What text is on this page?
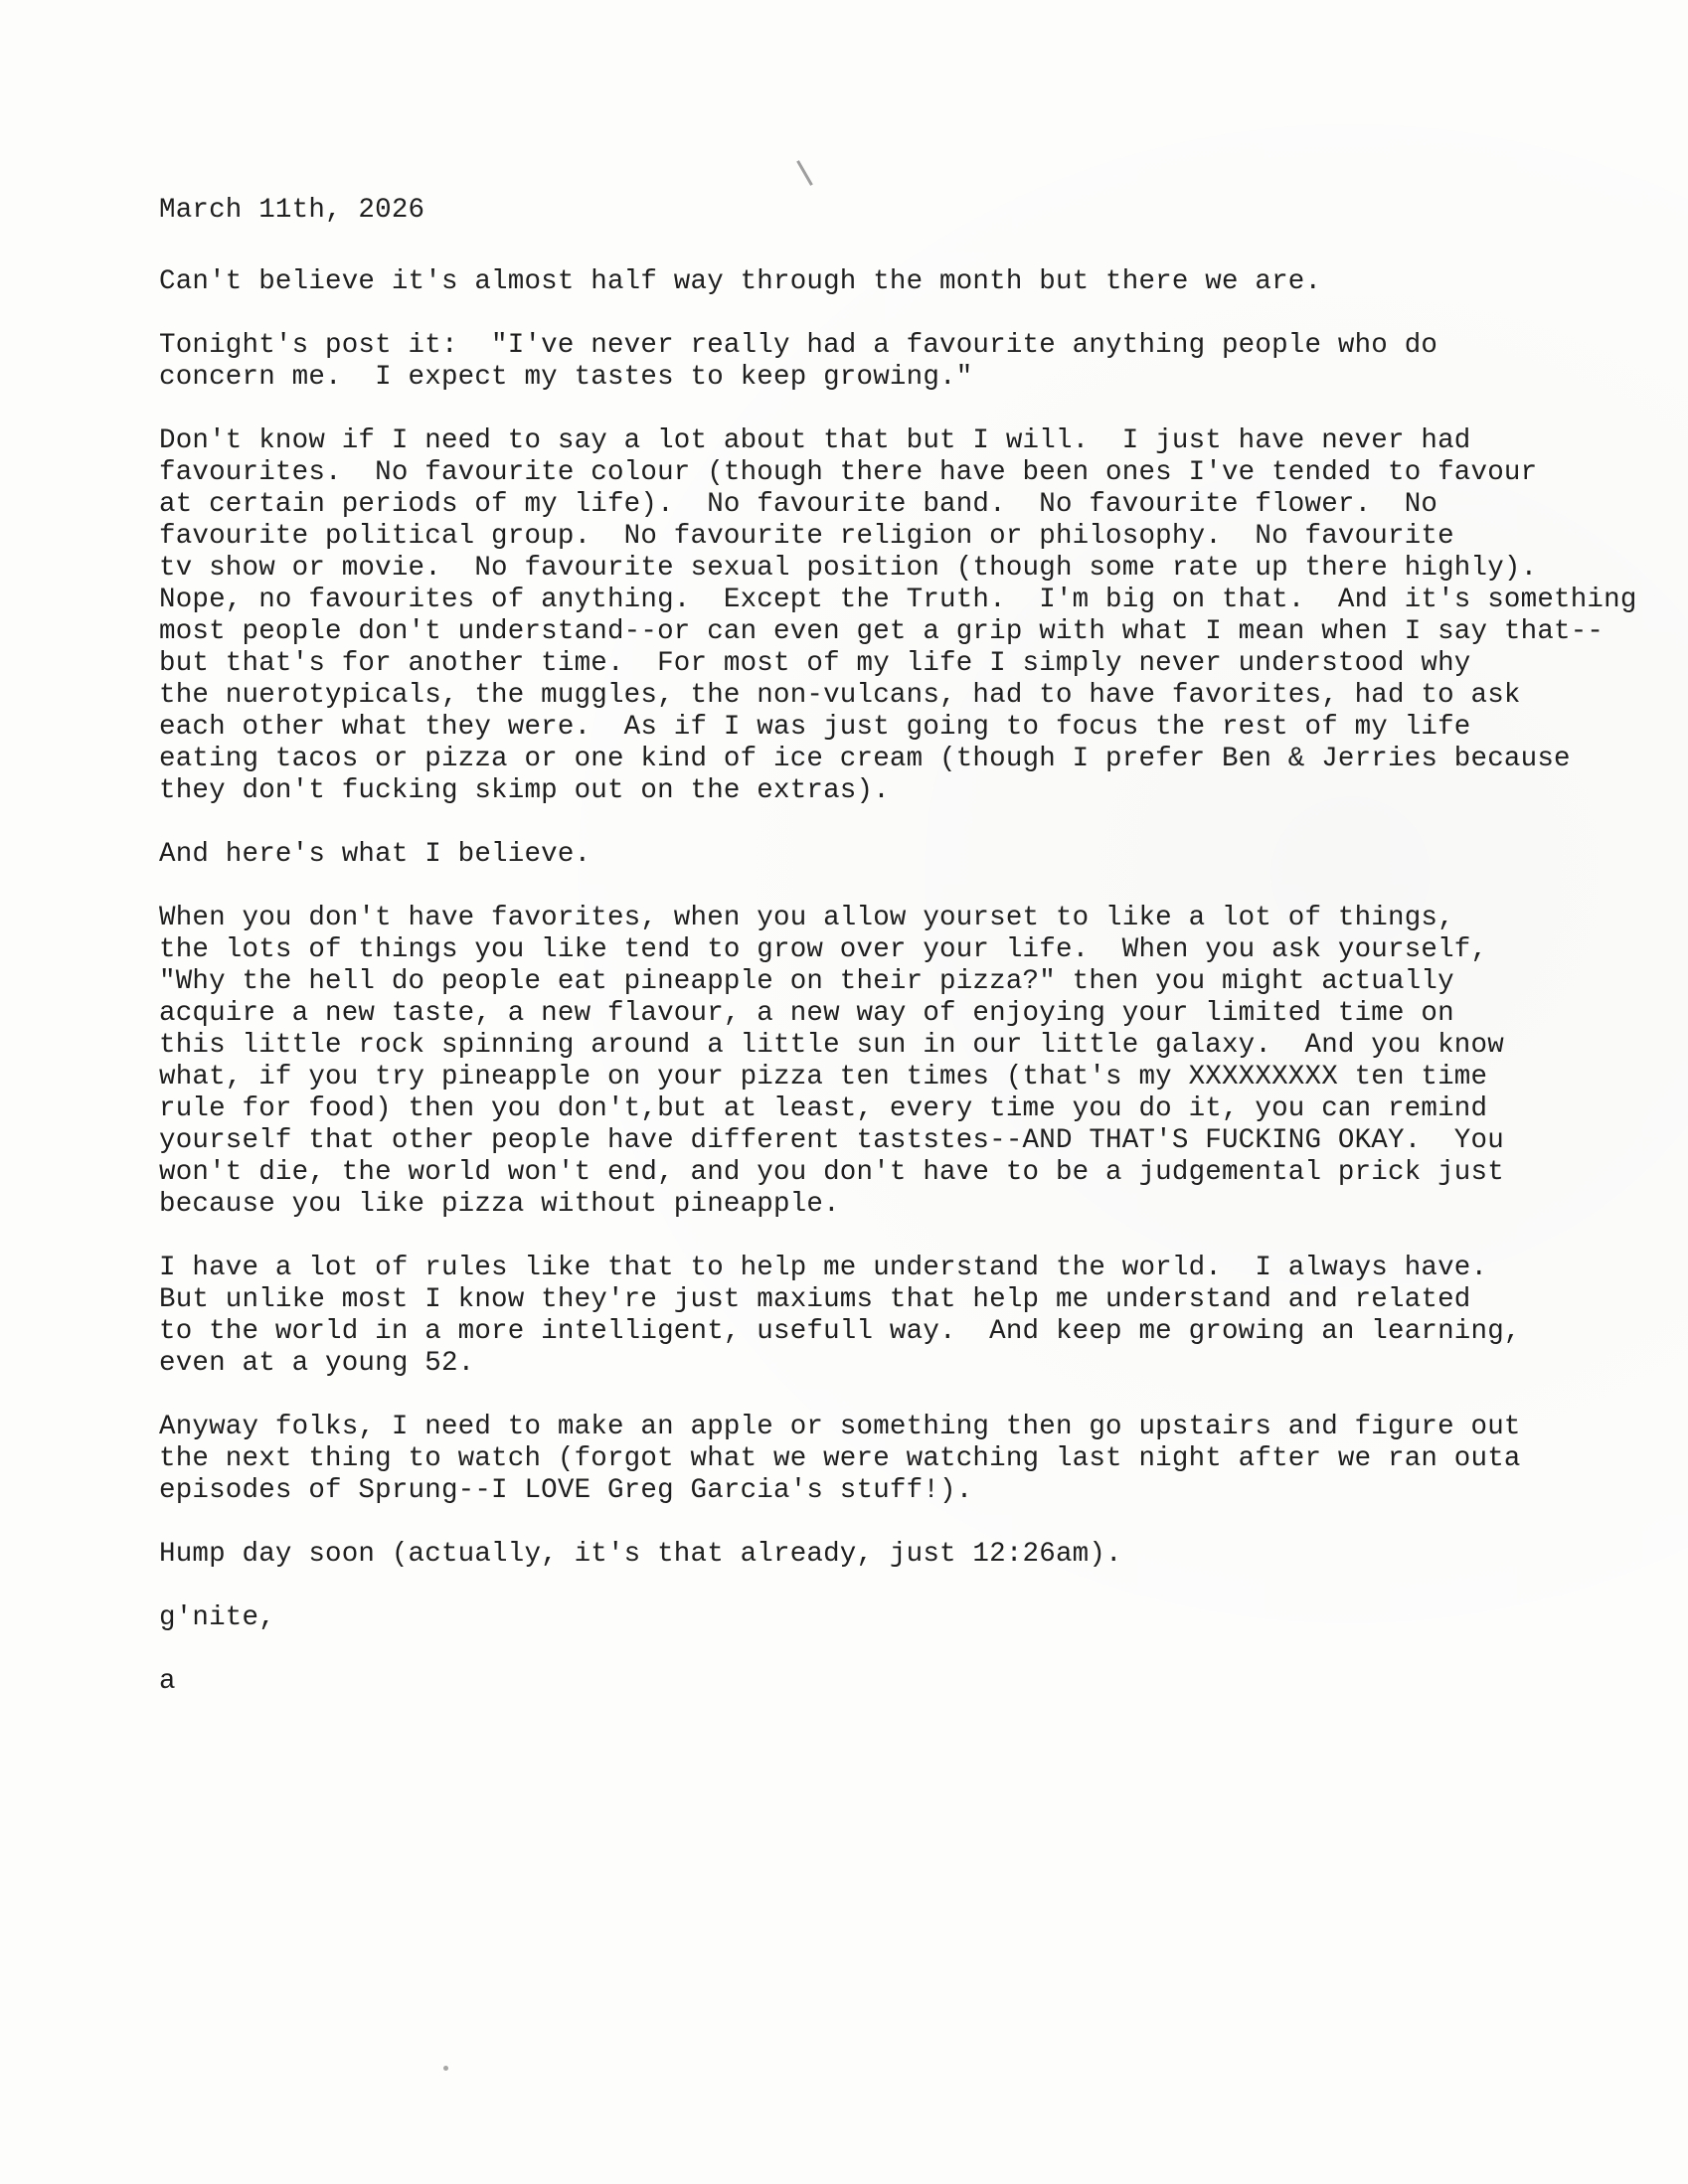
March 11th, 2026
Can't believe it's almost half way through the month but there we are.
Tonight's post it:  "I've never really had a favourite anything people who do
concern me.  I expect my tastes to keep growing."
Don't know if I need to say a lot about that but I will.  I just have never had
favourites.  No favourite colour (though there have been ones I've tended to favour
at certain periods of my life).  No favourite band.  No favourite flower.  No
favourite political group.  No favourite religion or philosophy.  No favourite
tv show or movie.  No favourite sexual position (though some rate up there highly).
Nope, no favourites of anything.  Except the Truth.  I'm big on that.  And it's something
most people don't understand--or can even get a grip with what I mean when I say that--
but that's for another time.  For most of my life I simply never understood why
the nuerotypicals, the muggles, the non-vulcans, had to have favorites, had to ask
each other what they were.  As if I was just going to focus the rest of my life
eating tacos or pizza or one kind of ice cream (though I prefer Ben & Jerries because
they don't fucking skimp out on the extras).
And here's what I believe.
When you don't have favorites, when you allow yourset to like a lot of things,
the lots of things you like tend to grow over your life.  When you ask yourself,
"Why the hell do people eat pineapple on their pizza?" then you might actually
acquire a new taste, a new flavour, a new way of enjoying your limited time on
this little rock spinning around a little sun in our little galaxy.  And you know
what, if you try pineapple on your pizza ten times (that's my XXXXXXXXX ten time
rule for food) then you don't,but at least, every time you do it, you can remind
yourself that other people have different taststes--AND THAT'S FUCKING OKAY.  You
won't die, the world won't end, and you don't have to be a judgemental prick just
because you like pizza without pineapple.
I have a lot of rules like that to help me understand the world.  I always have.
But unlike most I know they're just maxiums that help me understand and related
to the world in a more intelligent, usefull way.  And keep me growing an learning,
even at a young 52.
Anyway folks, I need to make an apple or something then go upstairs and figure out
the next thing to watch (forgot what we were watching last night after we ran outa
episodes of Sprung--I LOVE Greg Garcia's stuff!).
Hump day soon (actually, it's that already, just 12:26am).
g'nite,
a
